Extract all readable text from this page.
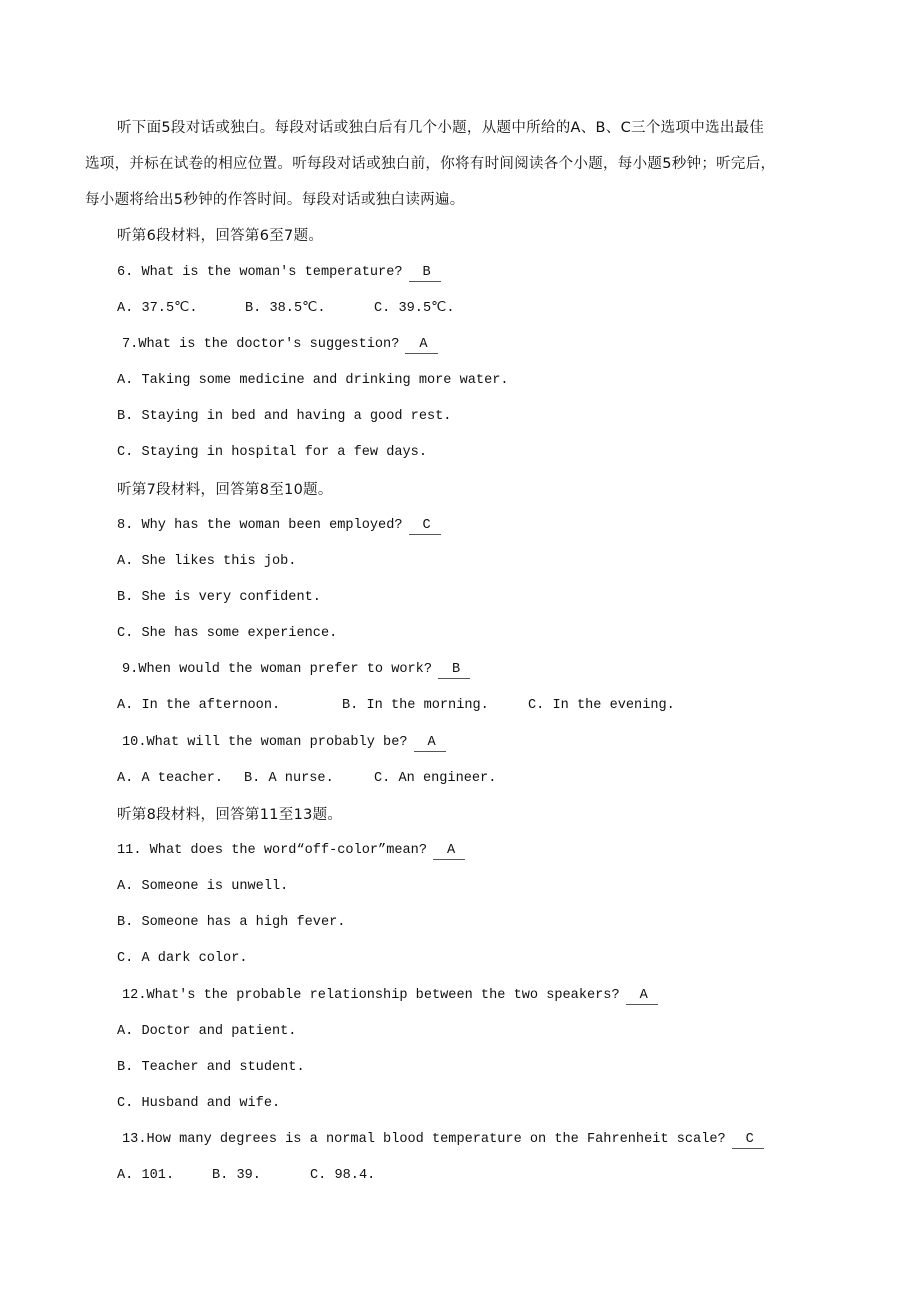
听下面5段对话或独白。每段对话或独白后有几个小题，从题中所给的A、B、C三个选项中选出最佳
选项，并标在试卷的相应位置。听每段对话或独白前，你将有时间阅读各个小题，每小题5秒钟；听完后，
每小题将给出5秒钟的作答时间。每段对话或独白读两遍。
听第6段材料，回答第6至7题。
6. What is the woman's temperature? B
A. 37.5℃.	B. 38.5℃.	C. 39.5℃.
7.What is the doctor's suggestion? A
A. Taking some medicine and drinking more water.
B. Staying in bed and having a good rest.
C. Staying in hospital for a few days.
听第7段材料，回答第8至10题。
8. Why has the woman been employed? C
A. She likes this job.
B. She is very confident.
C. She has some experience.
9.When would the woman prefer to work? B
A. In the afternoon.	B. In the morning.	C. In the evening.
10.What will the woman probably be? A
A. A teacher. B. A nurse.	C. An engineer.
听第8段材料，回答第11至13题。
11. What does the word“off-color”mean? A
A. Someone is unwell.
B. Someone has a high fever.
C. A dark color.
12.What's the probable relationship between the two speakers? A
A. Doctor and patient.
B. Teacher and student.
C. Husband and wife.
13.How many degrees is a normal blood temperature on the Fahrenheit scale? C
A. 101.	B. 39.	C. 98.4.
